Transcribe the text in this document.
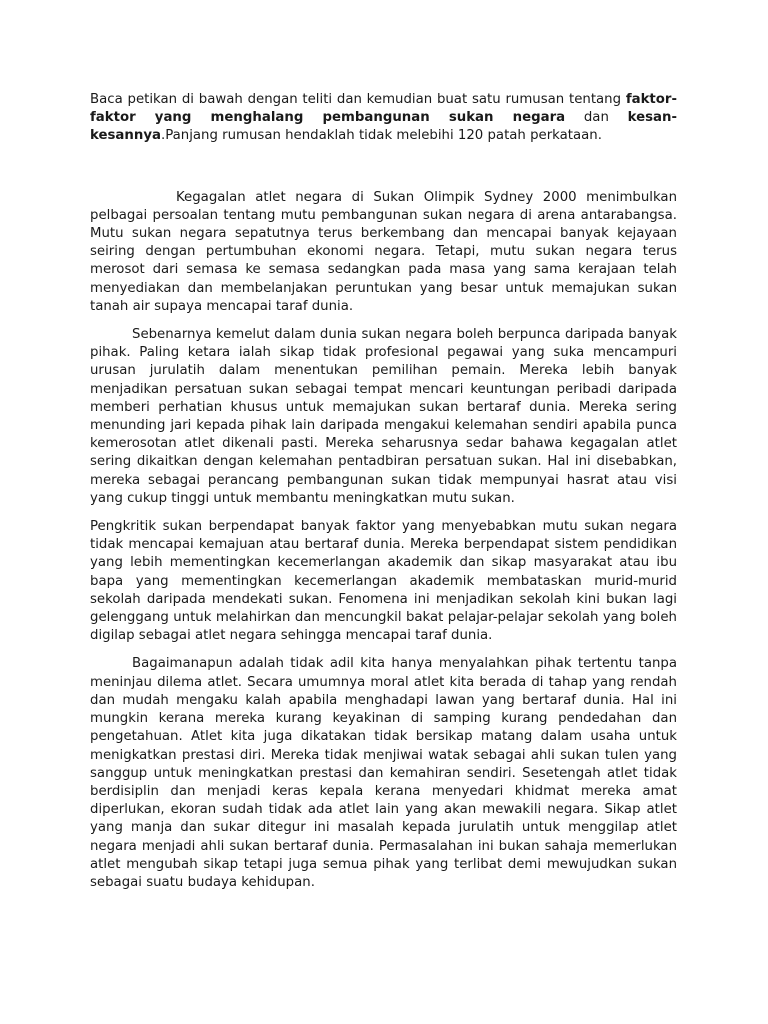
Baca petikan di bawah dengan teliti dan kemudian buat satu rumusan tentang faktor-faktor yang menghalang pembangunan sukan negara dan kesan-kesannya.Panjang rumusan hendaklah tidak melebihi 120 patah perkataan.

Kegagalan atlet negara di Sukan Olimpik Sydney 2000 menimbulkan pelbagai persoalan tentang mutu pembangunan sukan negara di arena antarabangsa. Mutu sukan negara sepatutnya terus berkembang dan mencapai banyak kejayaan seiring dengan pertumbuhan ekonomi negara. Tetapi, mutu sukan negara terus merosot dari semasa ke semasa sedangkan pada masa yang sama kerajaan telah menyediakan dan membelanjakan peruntukan yang besar untuk memajukan sukan tanah air supaya mencapai taraf dunia.

Sebenarnya kemelut dalam dunia sukan negara boleh berpunca daripada banyak pihak. Paling ketara ialah sikap tidak profesional pegawai yang suka mencampuri urusan jurulatih dalam menentukan pemilihan pemain. Mereka lebih banyak menjadikan persatuan sukan sebagai tempat mencari keuntungan peribadi daripada memberi perhatian khusus untuk memajukan sukan bertaraf dunia. Mereka sering menunding jari kepada pihak lain daripada mengakui kelemahan sendiri apabila punca kemerosotan atlet dikenali pasti. Mereka seharusnya sedar bahawa kegagalan atlet sering dikaitkan dengan kelemahan pentadbiran persatuan sukan. Hal ini disebabkan, mereka sebagai perancang pembangunan sukan tidak mempunyai hasrat atau visi yang cukup tinggi untuk membantu meningkatkan mutu sukan.

Pengkritik sukan berpendapat banyak faktor yang menyebabkan mutu sukan negara tidak mencapai kemajuan atau bertaraf dunia. Mereka berpendapat sistem pendidikan yang lebih mementingkan kecemerlangan akademik dan sikap masyarakat atau ibu bapa yang mementingkan kecemerlangan akademik membataskan murid-murid sekolah daripada mendekati sukan. Fenomena ini menjadikan sekolah kini bukan lagi gelenggang untuk melahirkan dan mencungkil bakat pelajar-pelajar sekolah yang boleh digilap sebagai atlet negara sehingga mencapai taraf dunia.

Bagaimanapun adalah tidak adil kita hanya menyalahkan pihak tertentu tanpa meninjau dilema atlet. Secara umumnya moral atlet kita berada di tahap yang rendah dan mudah mengaku kalah apabila menghadapi lawan yang bertaraf dunia. Hal ini mungkin kerana mereka kurang keyakinan di samping kurang pendedahan dan pengetahuan. Atlet kita juga dikatakan tidak bersikap matang dalam usaha untuk menigkatkan prestasi diri. Mereka tidak menjiwai watak sebagai ahli sukan tulen yang sanggup untuk meningkatkan prestasi dan kemahiran sendiri. Sesetengah atlet tidak berdisiplin dan menjadi keras kepala kerana menyedari khidmat mereka amat diperlukan, ekoran sudah tidak ada atlet lain yang akan mewakili negara. Sikap atlet yang manja dan sukar ditegur ini masalah kepada jurulatih untuk menggilap atlet negara menjadi ahli sukan bertaraf dunia. Permasalahan ini bukan sahaja memerlukan atlet mengubah sikap tetapi juga semua pihak yang terlibat demi mewujudkan sukan sebagai suatu budaya kehidupan.
